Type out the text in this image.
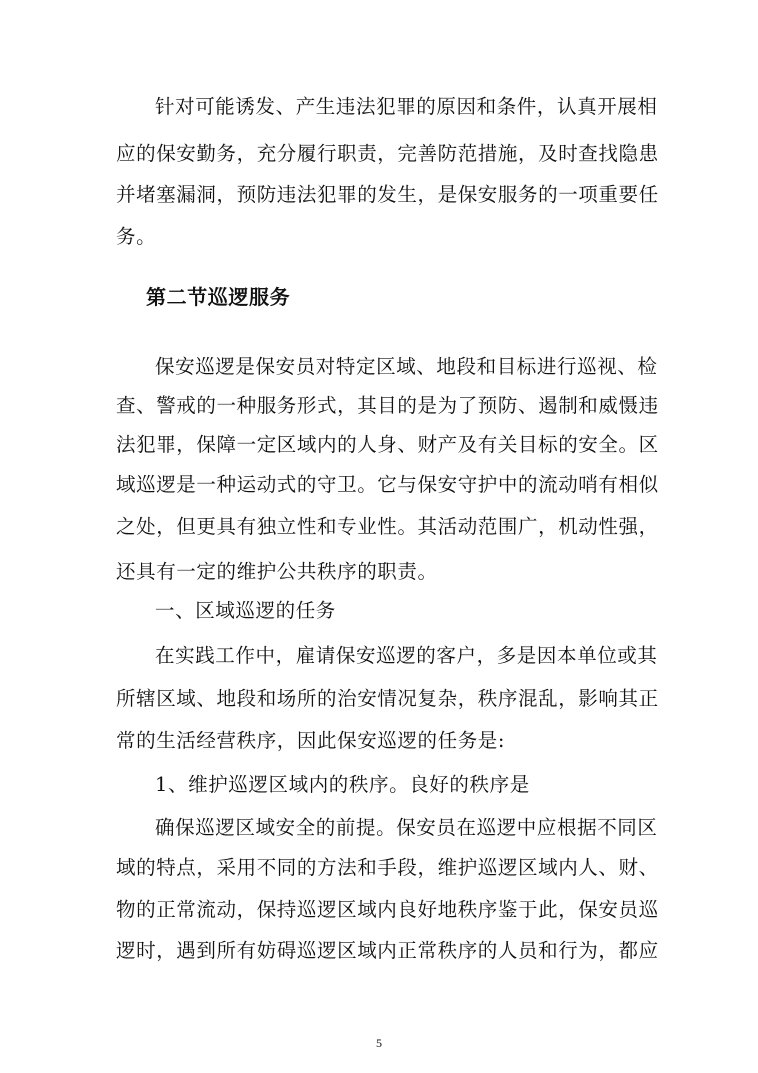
针对可能诱发、产生违法犯罪的原因和条件，认真开展相
应的保安勤务，充分履行职责，完善防范措施，及时查找隐患
并堵塞漏洞，预防违法犯罪的发生，是保安服务的一项重要任
务。
第二节巡逻服务
保安巡逻是保安员对特定区域、地段和目标进行巡视、检
查、警戒的一种服务形式，其目的是为了预防、遏制和威慑违
法犯罪，保障一定区域内的人身、财产及有关目标的安全。区
域巡逻是一种运动式的守卫。它与保安守护中的流动哨有相似
之处，但更具有独立性和专业性。其活动范围广，机动性强，
还具有一定的维护公共秩序的职责。
一、区域巡逻的任务
在实践工作中，雇请保安巡逻的客户，多是因本单位或其
所辖区域、地段和场所的治安情况复杂，秩序混乱，影响其正
常的生活经营秩序，因此保安巡逻的任务是:
1、维护巡逻区域内的秩序。良好的秩序是
确保巡逻区域安全的前提。保安员在巡逻中应根据不同区
域的特点，采用不同的方法和手段，维护巡逻区域内人、财、
物的正常流动，保持巡逻区域内良好地秩序鉴于此，保安员巡
逻时，遇到所有妨碍巡逻区域内正常秩序的人员和行为，都应
5
